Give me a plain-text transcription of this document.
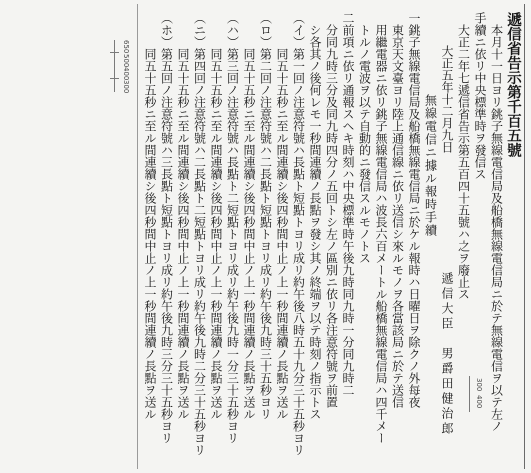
650
500
400
300
300
400

遞信省告示第千百五號

本月十一日ヨリ銚子無線電信局及船橋無線電信局ニ於テ無線電信ヲ以テ左ノ

手續ニ依リ中央標準時ヲ發信ス

大正二年七遞信省告示第五百四十五號ハ之ヲ廢止ス

大正五年十二月九日遞信大臣　男爵田健治郎

無線電信ニ據ル報時手續

一銚子無線電信局及船橋無線電信局ニ於ケル報時ハ日曜日ヲ除クノ外每夜

東京天文臺ヨリ陸上通信線ニ依リ送信シ來ルモノヲ各當該局ニ於テ送信

用繼電器ニ依リ銚子無線電信局ハ波長六百メートル船橋無線電信局ハ四千メー

トルノ電波ヲ以テ自動的ニ發信スルモノトス

二前項ニ依リ通報スヘキ時刻ハ中央標準時午後九時同九時一分同九時二

分同九時三分及同九時四分ノ五回トシ左ノ區別ニ依リ各注意符號ヲ前置

シ各其ノ後何レモ一秒間連續ノ長點ヲ發シ其ノ終端ヲ以テ時刻ノ指示トス

（イ）第一回ノ注意符號ハ長點ト短點トヨリ成リ約午後八時五十九分三十五秒ヨリ

同五十五秒ニ至ル間連續シ後四秒間中止ノ上一秒間連續ノ長點ヲ送ル

（ロ）第二回ノ注意符號ハ二長點ト短點トヨリ成リ約午後九時三十五秒ヨリ

同五十五秒ニ至ル間連續シ後四秒間中止ノ上一秒間連續ノ長點ヲ送ル

（ハ）第三回ノ注意符號ハ長點ト二短點トヨリ成リ約午後九時一分三十五秒ヨリ

同五十五秒ニ至ル間連續シ後四秒間中止ノ上一秒間連續ノ長點ヲ送ル

（ニ）第四回ノ注意符號ハ二長點ト二短點トヨリ成リ約午後九時二分三十五秒ヨリ

同五十五秒ニ至ル間連續シ後四秒間中止ノ上一秒間連續ノ長點ヲ送ル

（ホ）第五回ノ注意符號ハ三長點ト短點トヨリ成リ約午後九時三分三十五秒ヨリ

同五十五秒ニ至ル間連續シ後四秒間中止ノ上一秒間連續ノ長點ヲ送ル
